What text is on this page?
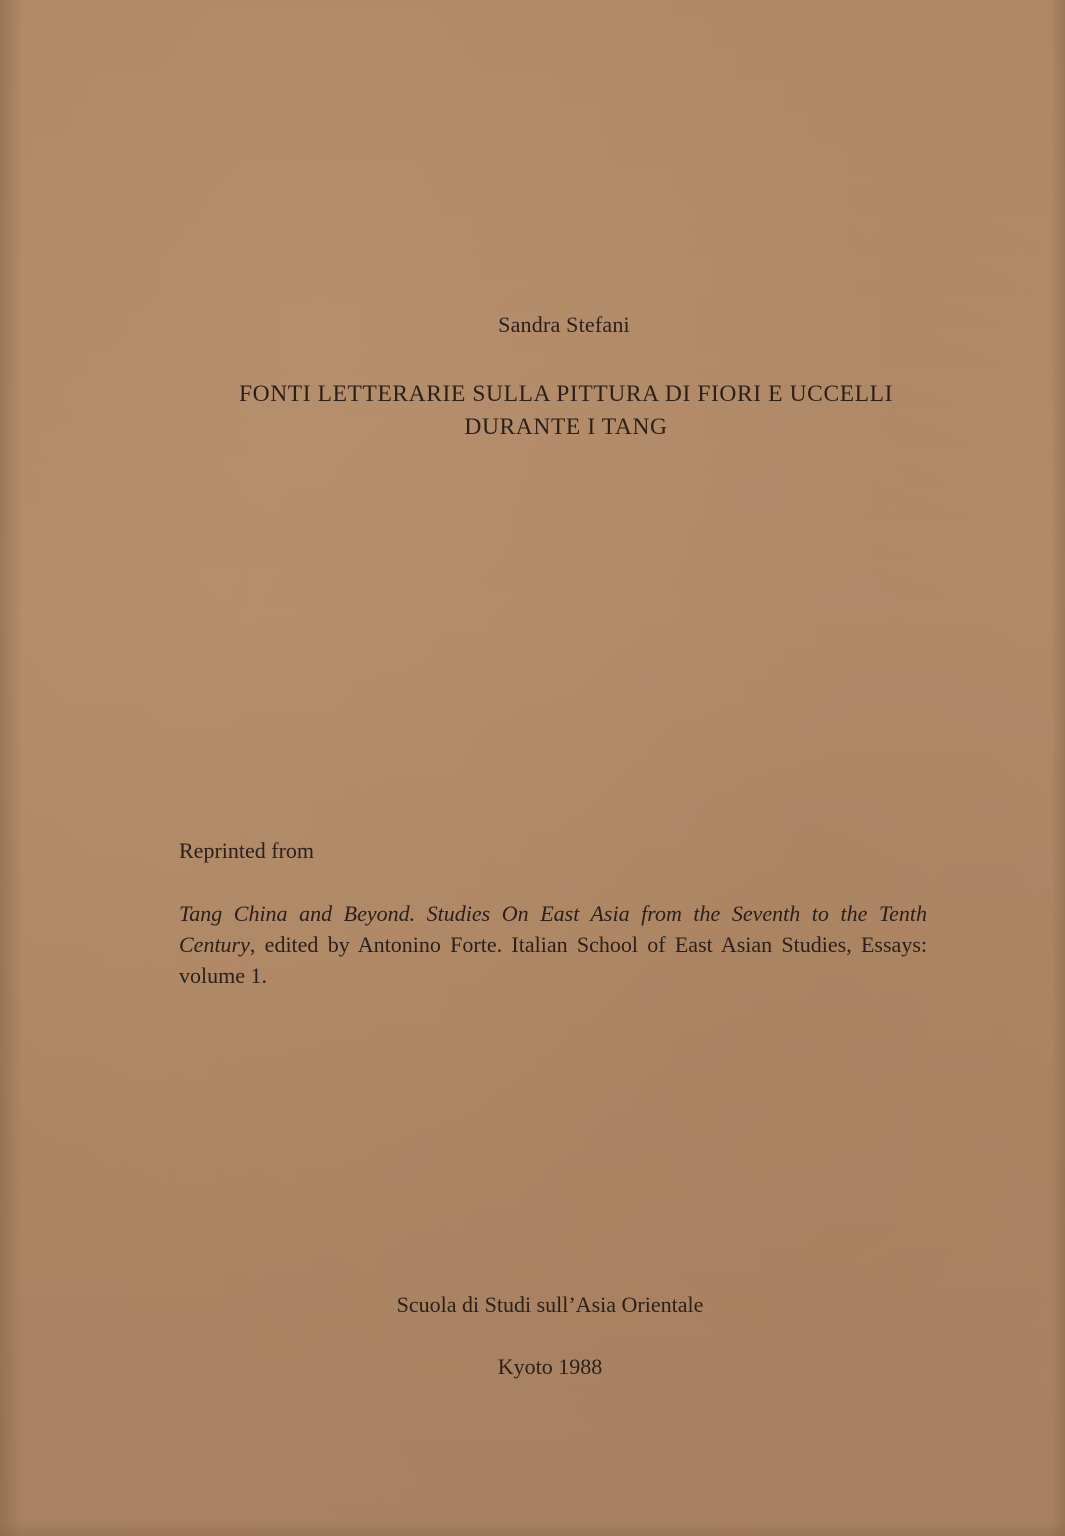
Sandra Stefani
FONTI LETTERARIE SULLA PITTURA DI FIORI E UCCELLI
DURANTE I TANG
Reprinted from
Tang China and Beyond. Studies On East Asia from the Seventh to the Tenth Century, edited by Antonino Forte. Italian School of East Asian Studies, Essays: volume 1.
Scuola di Studi sull’Asia Orientale
Kyoto 1988
